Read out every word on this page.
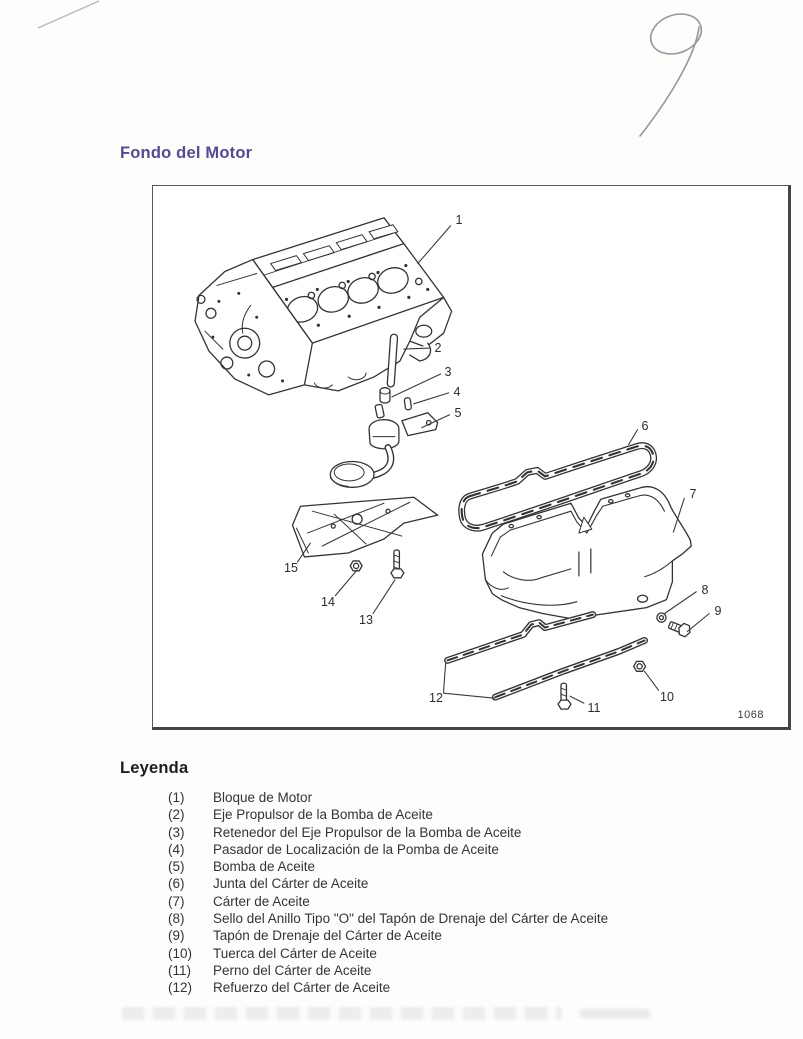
Fondo del Motor
1
2
3
4
5
6
7
8
9
10
11
12
13
14
15
1068
Leyenda
(1)	Bloque de Motor
(2)	Eje Propulsor de la Bomba de Aceite
(3)	Retenedor del Eje Propulsor de la Bomba de Aceite
(4)	Pasador de Localización de la Pomba de Aceite
(5)	Bomba de Aceite
(6)	Junta del Cárter de Aceite
(7)	Cárter de Aceite
(8)	Sello del Anillo Tipo "O" del Tapón de Drenaje del Cárter de Aceite
(9)	Tapón de Drenaje del Cárter de Aceite
(10)	Tuerca del Cárter de Aceite
(11)	Perno del Cárter de Aceite
(12)	Refuerzo del Cárter de Aceite
